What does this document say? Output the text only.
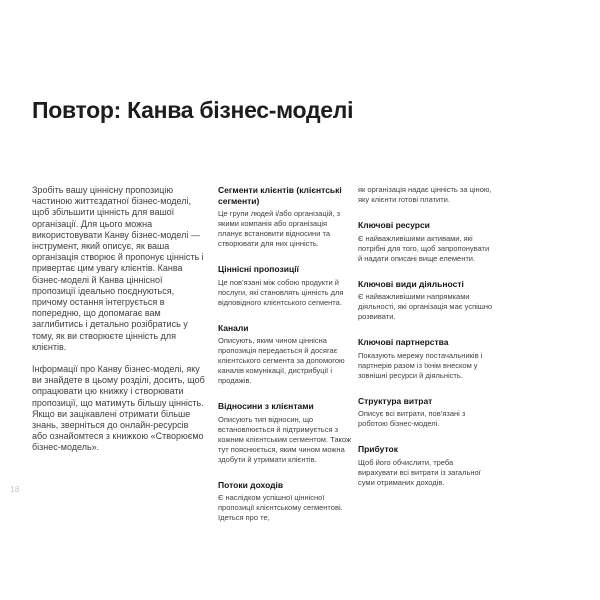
Повтор: Канва бізнес-моделі

Зробіть вашу ціннісну пропозицію частиною життєздатної бізнес-моделі, щоб збільшити цінність для вашої організації. Для цього можна використовувати Канву бізнес-моделі — інструмент, який описує, як ваша організація створює й пропонує цінність і привертає цим увагу клієнтів. Канва бізнес-моделі й Канва ціннісної пропозиції ідеально поєднуються, причому остання інтегрується в попередню, що допомагає вам заглибитись і детально розібратись у тому, як ви створюєте цінність для клієнтів.

Інформації про Канву бізнес-моделі, яку ви знайдете в цьому розділі, досить, щоб опрацювати цю книжку і створювати пропозиції, що матимуть більшу цінність. Якщо ви зацікавлені отримати більше знань, зверніться до онлайн-ресурсів або ознайомтеся з книжкою «Створюємо бізнес-модель».

Сегменти клієнтів (клієнтські сегменти)
Це групи людей і/або організацій, з якими компанія або організація планує встановити відносини та створювати для них цінність.
Ціннісні пропозиції
Це пов’язані між собою продукти й послуги, які становлять цінність для відповідного клієнтського сегмента.
Канали
Описують, яким чином ціннісна пропозиція передається й досягає клієнтського сегмента за допомогою каналів комунікації, дистрибуції і продажів.
Відносини з клієнтами
Описують тип відносин, що встановлюється й підтримується з кожним клієнтським сегментом. Також тут пояснюється, яким чином можна здобути й утримати клієнтів.
Потоки доходів
Є наслідком успішної ціннісної пропозиції клієнтському сегментові. Ідеться про те,
як організація надає цінність за ціною, яку клієнти готові платити.
Ключові ресурси
Є найважливішими активами, які потрібні для того, щоб запропонувати й надати описані вище елементи.
Ключові види діяльності
Є найважливішими напрямками діяльності, які організація має успішно розвивати.
Ключові партнерства
Показують мережу постачальників і партнерів разом із їхнім внеском у зовнішні ресурси й діяльність.
Структура витрат
Описує всі витрати, пов’язані з роботою бізнес-моделі.
Прибуток
Щоб його обчислити, треба вирахувати всі витрати із загальної суми отриманих доходів.
18
